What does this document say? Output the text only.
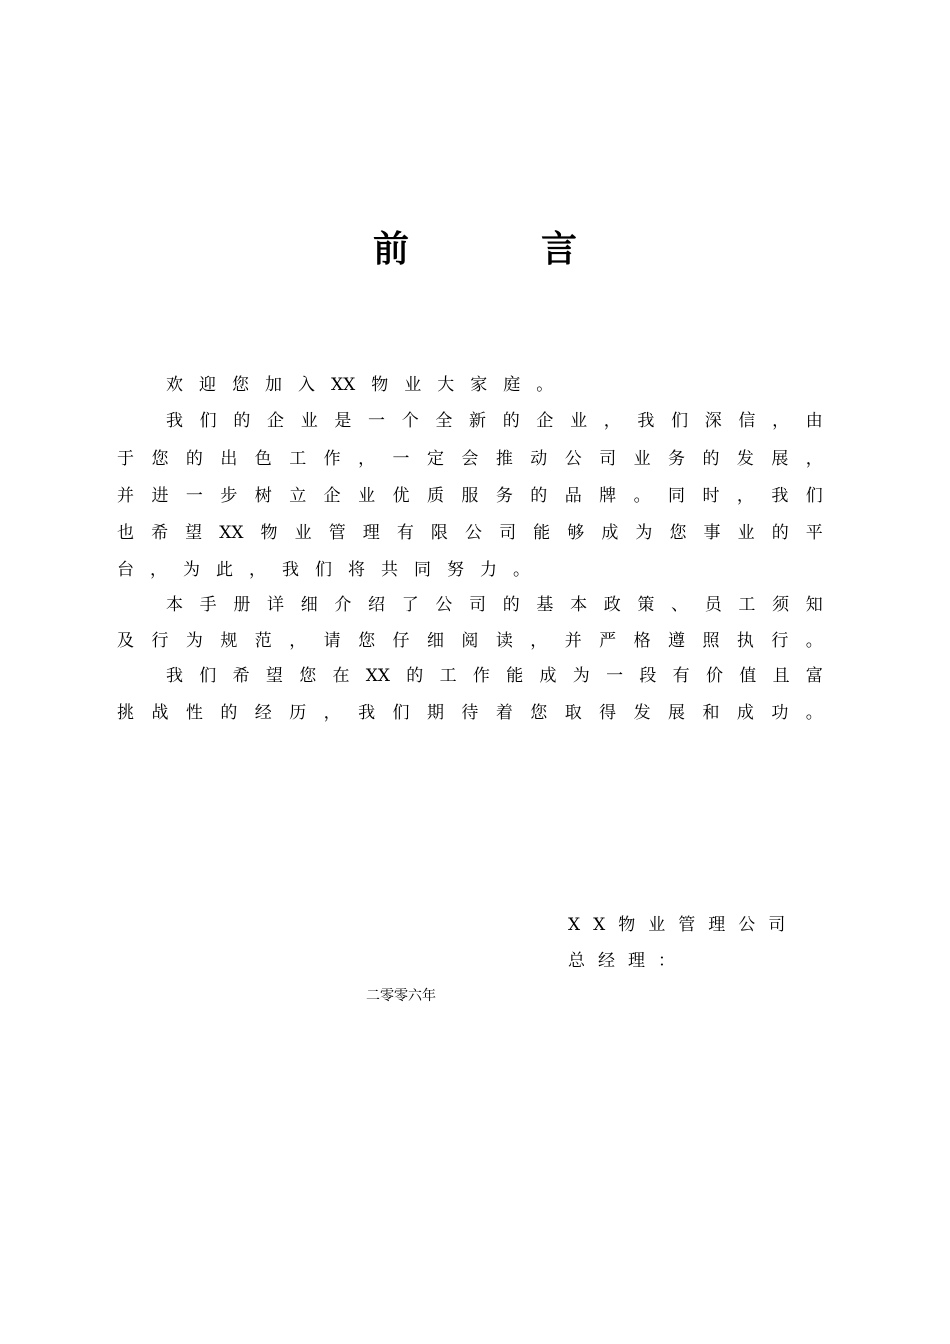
前　言
欢 迎 您 加 入 XX 物 业 大 家 庭 。
我 们 的 企 业 是 一 个 全 新 的 企 业 ， 我 们 深 信 ， 由
于 您 的 出 色 工 作 ， 一 定 会 推 动 公 司 业 务 的 发 展 ，
并 进 一 步 树 立 企 业 优 质 服 务 的 品 牌 。 同 时 ， 我 们
也 希 望 XX 物 业 管 理 有 限 公 司 能 够 成 为 您 事 业 的 平
台 ， 为 此 ， 我 们 将 共 同 努 力 。
本 手 册 详 细 介 绍 了 公 司 的 基 本 政 策 、 员 工 须 知
及 行 为 规 范 ， 请 您 仔 细 阅 读 ， 并 严 格 遵 照 执 行 。
我 们 希 望 您 在 XX 的 工 作 能 成 为 一 段 有 价 值 且 富
挑 战 性 的 经 历 ， 我 们 期 待 着 您 取 得 发 展 和 成 功 。
XX物业管理公司
总经理：
二零零六年
